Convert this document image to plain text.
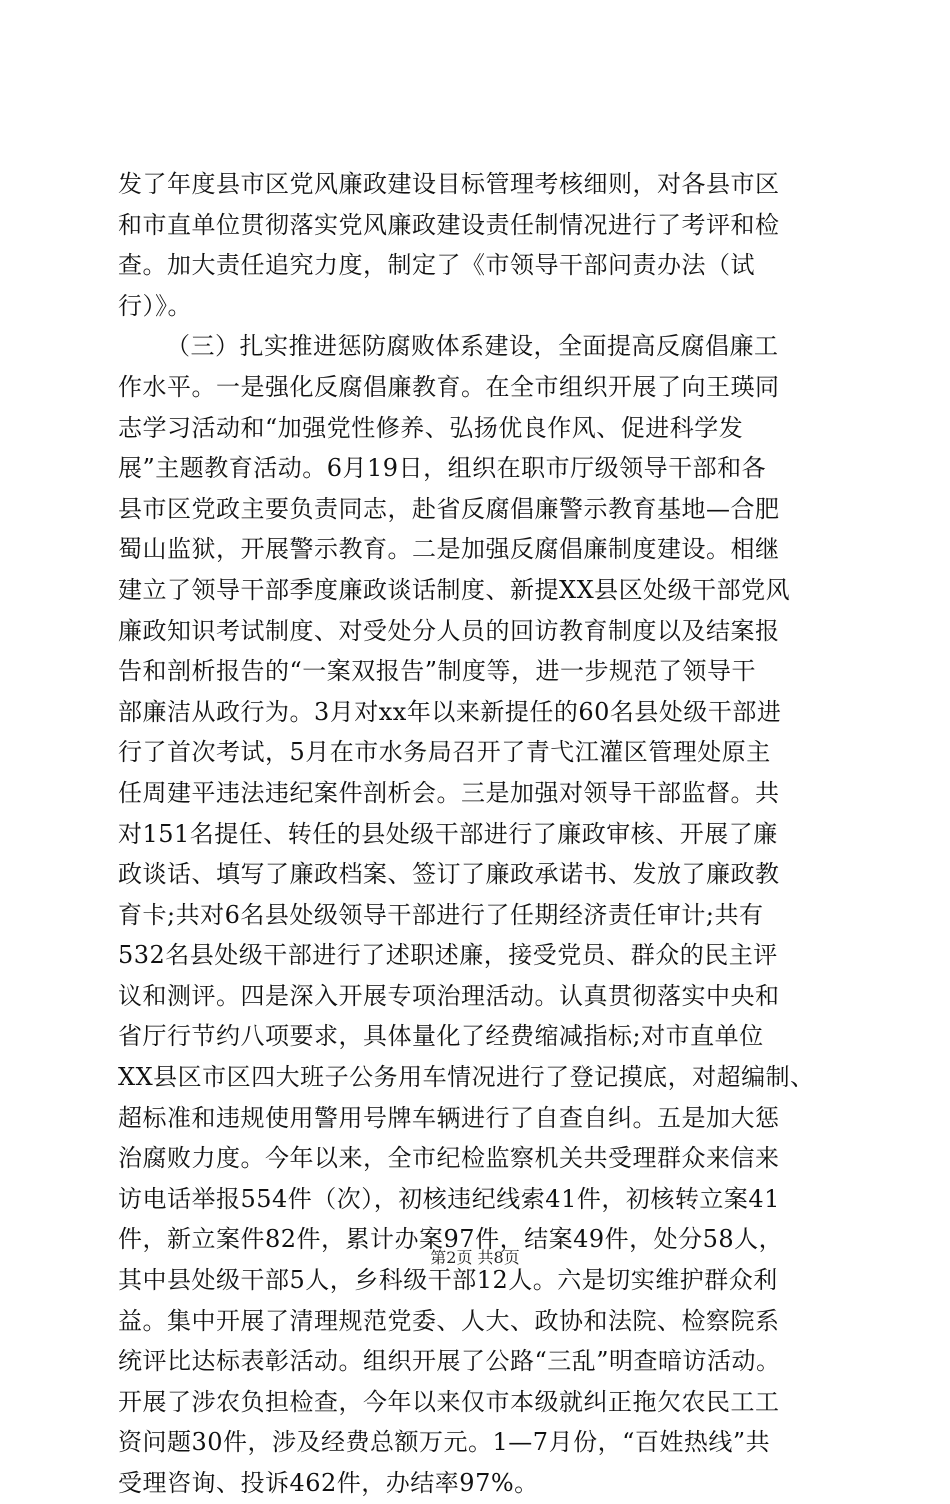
发了年度县市区党风廉政建设目标管理考核细则，对各县市区
和市直单位贯彻落实党风廉政建设责任制情况进行了考评和检
查。加大责任追究力度，制定了《市领导干部问责办法（试
行）》。
（三）扎实推进惩防腐败体系建设，全面提高反腐倡廉工
作水平。一是强化反腐倡廉教育。在全市组织开展了向王瑛同
志学习活动和“加强党性修养、弘扬优良作风、促进科学发
展”主题教育活动。6月19日，组织在职市厅级领导干部和各
县市区党政主要负责同志，赴省反腐倡廉警示教育基地—合肥
蜀山监狱，开展警示教育。二是加强反腐倡廉制度建设。相继
建立了领导干部季度廉政谈话制度、新提XX县区处级干部党风
廉政知识考试制度、对受处分人员的回访教育制度以及结案报
告和剖析报告的“一案双报告”制度等，进一步规范了领导干
部廉洁从政行为。3月对xx年以来新提任的60名县处级干部进
行了首次考试，5月在市水务局召开了青弋江灌区管理处原主
任周建平违法违纪案件剖析会。三是加强对领导干部监督。共
对151名提任、转任的县处级干部进行了廉政审核、开展了廉
政谈话、填写了廉政档案、签订了廉政承诺书、发放了廉政教
育卡;共对6名县处级领导干部进行了任期经济责任审计;共有
532名县处级干部进行了述职述廉，接受党员、群众的民主评
议和测评。四是深入开展专项治理活动。认真贯彻落实中央和
省厅行节约八项要求，具体量化了经费缩减指标;对市直单位
XX县区市区四大班子公务用车情况进行了登记摸底，对超编制、
超标准和违规使用警用号牌车辆进行了自查自纠。五是加大惩
治腐败力度。今年以来，全市纪检监察机关共受理群众来信来
访电话举报554件（次），初核违纪线索41件，初核转立案41
件，新立案件82件，累计办案97件，结案49件，处分58人，
其中县处级干部5人，乡科级干部12人。六是切实维护群众利
益。集中开展了清理规范党委、人大、政协和法院、检察院系
统评比达标表彰活动。组织开展了公路“三乱”明查暗访活动。
开展了涉农负担检查，今年以来仅市本级就纠正拖欠农民工工
资问题30件，涉及经费总额万元。1—7月份，“百姓热线”共
受理咨询、投诉462件，办结率97%。
第2页 共8页
